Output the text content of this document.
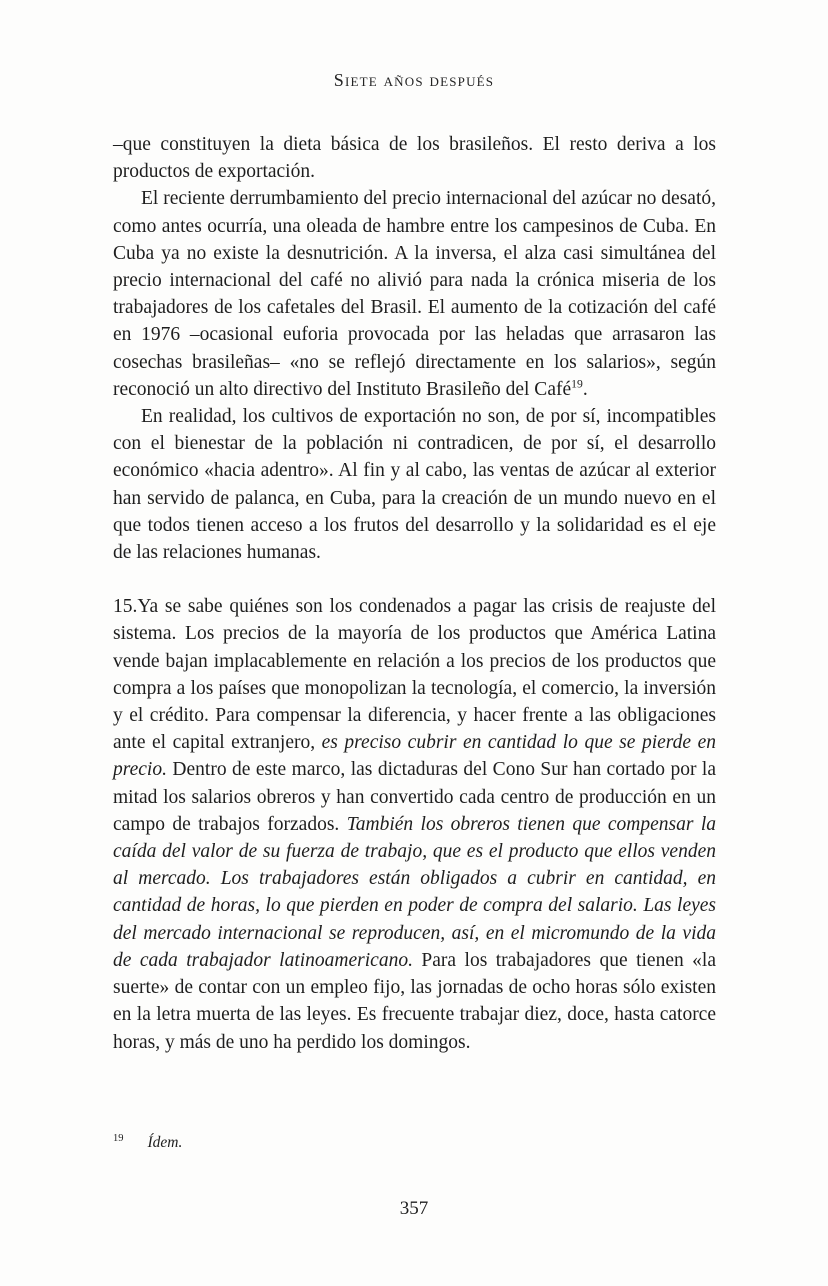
Siete años después

–que constituyen la dieta básica de los brasileños. El resto deriva a los productos de exportación.

El reciente derrumbamiento del precio internacional del azúcar no desató, como antes ocurría, una oleada de hambre entre los campesinos de Cuba. En Cuba ya no existe la desnutrición. A la inversa, el alza casi simultánea del precio internacional del café no alivió para nada la crónica miseria de los trabajadores de los cafetales del Brasil. El aumento de la cotización del café en 1976 –ocasional euforia provocada por las heladas que arrasaron las cosechas brasileñas– «no se reflejó directamente en los salarios», según reconoció un alto directivo del Instituto Brasileño del Café$^{19}$.

En realidad, los cultivos de exportación no son, de por sí, incompatibles con el bienestar de la población ni contradicen, de por sí, el desarrollo económico «hacia adentro». Al fin y al cabo, las ventas de azúcar al exterior han servido de palanca, en Cuba, para la creación de un mundo nuevo en el que todos tienen acceso a los frutos del desarrollo y la solidaridad es el eje de las relaciones humanas.

15.Ya se sabe quiénes son los condenados a pagar las crisis de reajuste del sistema. Los precios de la mayoría de los productos que América Latina vende bajan implacablemente en relación a los precios de los productos que compra a los países que monopolizan la tecnología, el comercio, la inversión y el crédito. Para compensar la diferencia, y hacer frente a las obligaciones ante el capital extranjero, es preciso cubrir en cantidad lo que se pierde en precio. Dentro de este marco, las dictaduras del Cono Sur han cortado por la mitad los salarios obreros y han convertido cada centro de producción en un campo de trabajos forzados. También los obreros tienen que compensar la caída del valor de su fuerza de trabajo, que es el producto que ellos venden al mercado. Los trabajadores están obligados a cubrir en cantidad, en cantidad de horas, lo que pierden en poder de compra del salario. Las leyes del mercado internacional se reproducen, así, en el micromundo de la vida de cada trabajador latinoamericano. Para los trabajadores que tienen «la suerte» de contar con un empleo fijo, las jornadas de ocho horas sólo existen en la letra muerta de las leyes. Es frecuente trabajar diez, doce, hasta catorce horas, y más de uno ha perdido los domingos.

$^{19}$ Ídem.
357
